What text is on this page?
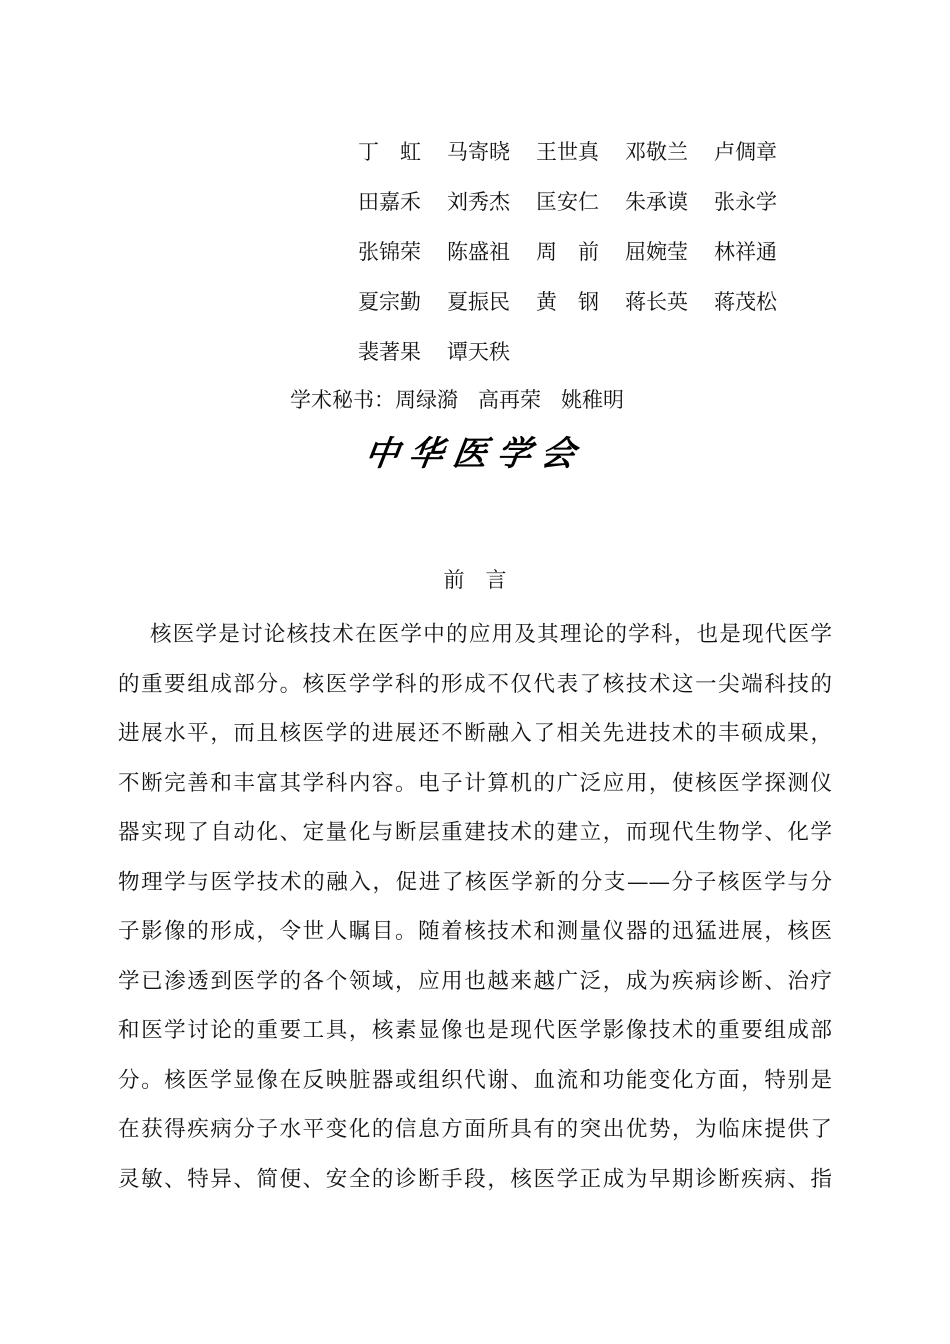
丁　虹	马寄晓	王世真	邓敬兰	卢倜章
田嘉禾	刘秀杰	匡安仁	朱承谟	张永学
张锦荣	陈盛祖	周　前	屈婉莹	林祥通
夏宗勤	夏振民	黄　钢	蒋长英	蒋茂松
裴著果	谭天秩
学术秘书：周绿漪 高再荣 姚稚明
中华医学会
前　言
核医学是讨论核技术在医学中的应用及其理论的学科，也是现代医学
的重要组成部分。核医学学科的形成不仅代表了核技术这一尖端科技的
进展水平，而且核医学的进展还不断融入了相关先进技术的丰硕成果，
不断完善和丰富其学科内容。电子计算机的广泛应用，使核医学探测仪
器实现了自动化、定量化与断层重建技术的建立，而现代生物学、化学
物理学与医学技术的融入，促进了核医学新的分支——分子核医学与分
子影像的形成，令世人瞩目。随着核技术和测量仪器的迅猛进展，核医
学已渗透到医学的各个领域，应用也越来越广泛，成为疾病诊断、治疗
和医学讨论的重要工具，核素显像也是现代医学影像技术的重要组成部
分。核医学显像在反映脏器或组织代谢、血流和功能变化方面，特别是
在获得疾病分子水平变化的信息方面所具有的突出优势，为临床提供了
灵敏、特异、简便、安全的诊断手段，核医学正成为早期诊断疾病、指
